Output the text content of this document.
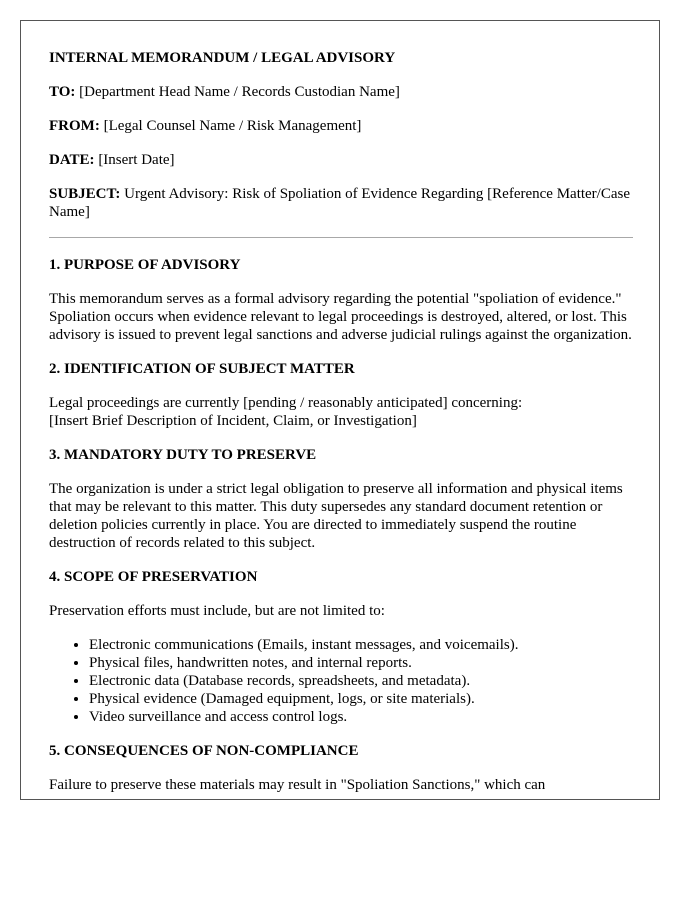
INTERNAL MEMORANDUM / LEGAL ADVISORY
TO: [Department Head Name / Records Custodian Name]
FROM: [Legal Counsel Name / Risk Management]
DATE: [Insert Date]
SUBJECT: Urgent Advisory: Risk of Spoliation of Evidence Regarding [Reference Matter/Case Name]
1. PURPOSE OF ADVISORY
This memorandum serves as a formal advisory regarding the potential "spoliation of evidence." Spoliation occurs when evidence relevant to legal proceedings is destroyed, altered, or lost. This advisory is issued to prevent legal sanctions and adverse judicial rulings against the organization.
2. IDENTIFICATION OF SUBJECT MATTER
Legal proceedings are currently [pending / reasonably anticipated] concerning:
[Insert Brief Description of Incident, Claim, or Investigation]
3. MANDATORY DUTY TO PRESERVE
The organization is under a strict legal obligation to preserve all information and physical items that may be relevant to this matter. This duty supersedes any standard document retention or deletion policies currently in place. You are directed to immediately suspend the routine destruction of records related to this subject.
4. SCOPE OF PRESERVATION
Preservation efforts must include, but are not limited to:
• Electronic communications (Emails, instant messages, and voicemails).
• Physical files, handwritten notes, and internal reports.
• Electronic data (Database records, spreadsheets, and metadata).
• Physical evidence (Damaged equipment, logs, or site materials).
• Video surveillance and access control logs.
5. CONSEQUENCES OF NON-COMPLIANCE
Failure to preserve these materials may result in "Spoliation Sanctions," which can
